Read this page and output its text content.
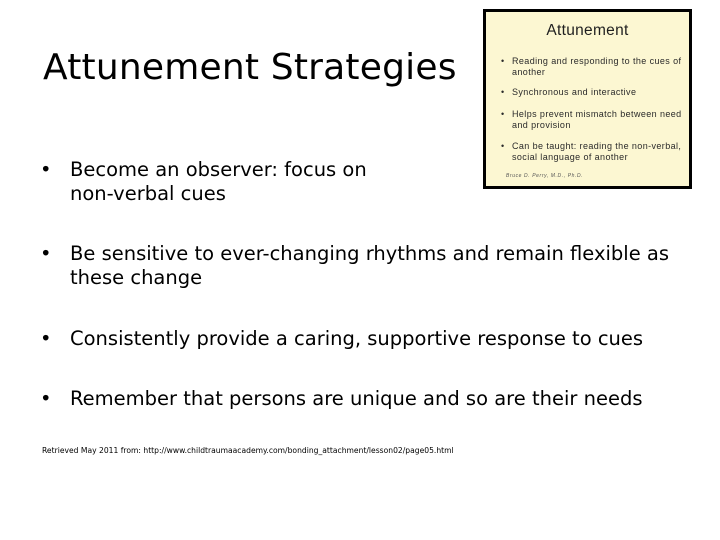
Attunement Strategies
Attunement
• Reading and responding to the cues of another
• Synchronous and interactive
• Helps prevent mismatch between need and provision
• Can be taught: reading the non-verbal, social language of another
Bruce D. Perry, M.D., Ph.D.
• Become an observer: focus on non-verbal cues
• Be sensitive to ever-changing rhythms and remain flexible as these change
• Consistently provide a caring, supportive response to cues
• Remember that persons are unique and so are their needs
Retrieved May 2011 from: http://www.childtraumaacademy.com/bonding_attachment/lesson02/page05.html
